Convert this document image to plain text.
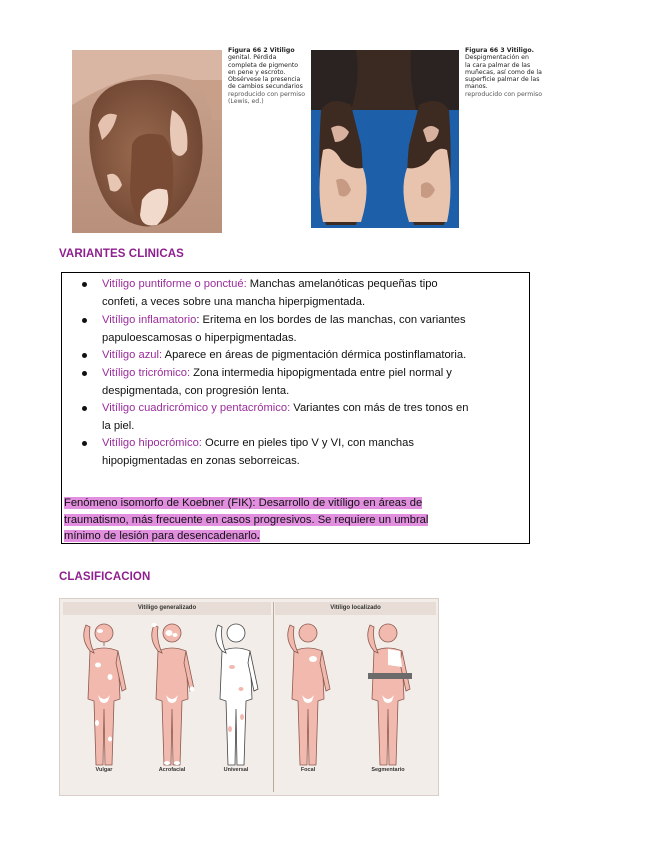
Figura 66 2 Vitiligo
genital. Pérdida
completa de pigmento
en pene y escroto.
Obsérvese la presencia
de cambios secundarios
reproducido con permiso
(Lewis, ed.)
Figura 66 3 Vitiligo.
Despigmentación en
la cara palmar de las
muñecas, así como de la
superficie palmar de las
manos.
reproducido con permiso
VARIANTES CLINICAS
Vitíligo puntiforme o ponctué: Manchas amelanóticas pequeñas tipo
confeti, a veces sobre una mancha hiperpigmentada.
Vitíligo inflamatorio: Eritema en los bordes de las manchas, con variantes
papuloescamosas o hiperpigmentadas.
Vitíligo azul: Aparece en áreas de pigmentación dérmica postinflamatoria.
Vitíligo tricrómico: Zona intermedia hipopigmentada entre piel normal y
despigmentada, con progresión lenta.
Vitíligo cuadricrómico y pentacrómico: Variantes con más de tres tonos en
la piel.
Vitíligo hipocrómico: Ocurre en pieles tipo V y VI, con manchas
hipopigmentadas en zonas seborreicas.
Fenómeno isomorfo de Koebner (FIK): Desarrollo de vitíligo en áreas de
traumatismo, más frecuente en casos progresivos. Se requiere un umbral
mínimo de lesión para desencadenarlo.
CLASIFICACION
Vitíligo generalizado	Vitíligo localizado
Vulgar	Acrofacial	Universal	Focal	Segmentario
